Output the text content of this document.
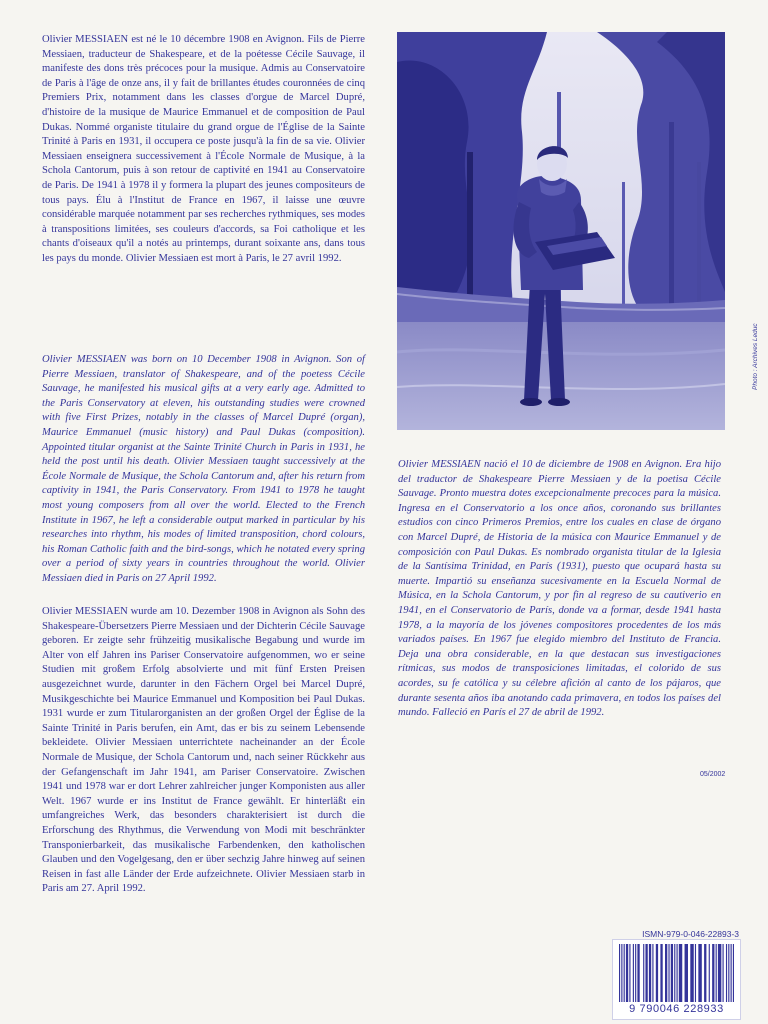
Olivier MESSIAEN est né le 10 décembre 1908 en Avignon. Fils de Pierre Messiaen, traducteur de Shakespeare, et de la poétesse Cécile Sauvage, il manifeste des dons très précoces pour la musique. Admis au Conservatoire de Paris à l'âge de onze ans, il y fait de brillantes études couronnées de cinq Premiers Prix, notamment dans les classes d'orgue de Marcel Dupré, d'histoire de la musique de Maurice Emmanuel et de composition de Paul Dukas. Nommé organiste titulaire du grand orgue de l'Église de la Sainte Trinité à Paris en 1931, il occupera ce poste jusqu'à la fin de sa vie. Olivier Messiaen enseignera successivement à l'École Normale de Musique, à la Schola Cantorum, puis à son retour de captivité en 1941 au Conservatoire de Paris. De 1941 à 1978 il y formera la plupart des jeunes compositeurs de tous pays. Élu à l'Institut de France en 1967, il laisse une œuvre considérable marquée notamment par ses recherches rythmiques, ses modes à transpositions limitées, ses couleurs d'accords, sa Foi catholique et les chants d'oiseaux qu'il a notés au printemps, durant soixante ans, dans tous les pays du monde. Olivier Messiaen est mort à Paris, le 27 avril 1992.

Olivier MESSIAEN was born on 10 December 1908 in Avignon. Son of Pierre Messiaen, translator of Shakespeare, and of the poetess Cécile Sauvage, he manifested his musical gifts at a very early age. Admitted to the Paris Conservatory at eleven, his outstanding studies were crowned with five First Prizes, notably in the classes of Marcel Dupré (organ), Maurice Emmanuel (music history) and Paul Dukas (composition). Appointed titular organist at the Sainte Trinité Church in Paris in 1931, he held the post until his death. Olivier Messiaen taught successively at the École Normale de Musique, the Schola Cantorum and, after his return from captivity in 1941, the Paris Conservatory. From 1941 to 1978 he taught most young composers from all over the world. Elected to the French Institute in 1967, he left a considerable output marked in particular by his researches into rhythm, his modes of limited transposition, chord colours, his Roman Catholic faith and the bird-songs, which he notated every spring over a period of sixty years in countries throughout the world. Olivier Messiaen died in Paris on 27 April 1992.

Olivier MESSIAEN wurde am 10. Dezember 1908 in Avignon als Sohn des Shakespeare-Übersetzers Pierre Messiaen und der Dichterin Cécile Sauvage geboren. Er zeigte sehr frühzeitig musikalische Begabung und wurde im Alter von elf Jahren ins Pariser Conservatoire aufgenommen, wo er seine Studien mit großem Erfolg absolvierte und mit fünf Ersten Preisen ausgezeichnet wurde, darunter in den Fächern Orgel bei Marcel Dupré, Musikgeschichte bei Maurice Emmanuel und Komposition bei Paul Dukas. 1931 wurde er zum Titularorganisten an der großen Orgel der Église de la Sainte Trinité in Paris berufen, ein Amt, das er bis zu seinem Lebensende bekleidete. Olivier Messiaen unterrichtete nacheinander an der École Normale de Musique, der Schola Cantorum und, nach seiner Rückkehr aus der Gefangenschaft im Jahr 1941, am Pariser Conservatoire. Zwischen 1941 und 1978 war er dort Lehrer zahlreicher junger Komponisten aus aller Welt. 1967 wurde er ins Institut de France gewählt. Er hinterläßt ein umfangreiches Werk, das besonders charakterisiert ist durch die Erforschung des Rhythmus, die Verwendung von Modi mit beschränkter Transponierbarkeit, das musikalische Farbendenken, den katholischen Glauben und den Vogelgesang, den er über sechzig Jahre hinweg auf seinen Reisen in fast alle Länder der Erde aufzeichnete. Olivier Messiaen starb in Paris am 27. April 1992.

Photo : Archives Leduc

Olivier MESSIAEN nació el 10 de diciembre de 1908 en Avignon. Era hijo del traductor de Shakespeare Pierre Messiaen y de la poetisa Cécile Sauvage. Pronto muestra dotes excepcionalmente precoces para la música. Ingresa en el Conservatorio a los once años, coronando sus brillantes estudios con cinco Primeros Premios, entre los cuales en clase de órgano con Marcel Dupré, de Historia de la música con Maurice Emmanuel y de composición con Paul Dukas. Es nombrado organista titular de la Iglesia de la Santísima Trinidad, en París (1931), puesto que ocupará hasta su muerte. Impartió su enseñanza sucesivamente en la Escuela Normal de Música, en la Schola Cantorum, y por fin al regreso de su cautiverio en 1941, en el Conservatorio de París, donde va a formar, desde 1941 hasta 1978, a la mayoría de los jóvenes compositores procedentes de los más variados países. En 1967 fue elegido miembro del Instituto de Francia. Deja una obra considerable, en la que destacan sus investigaciones rítmicas, sus modos de transposiciones limitadas, el colorido de sus acordes, su fe católica y su célebre afición al canto de los pájaros, que durante sesenta años iba anotando cada primavera, en todos los países del mundo. Falleció en París el 27 de abril de 1992.

05/2002
ISMN-979-0-046-22893-3
9 790046 228933
